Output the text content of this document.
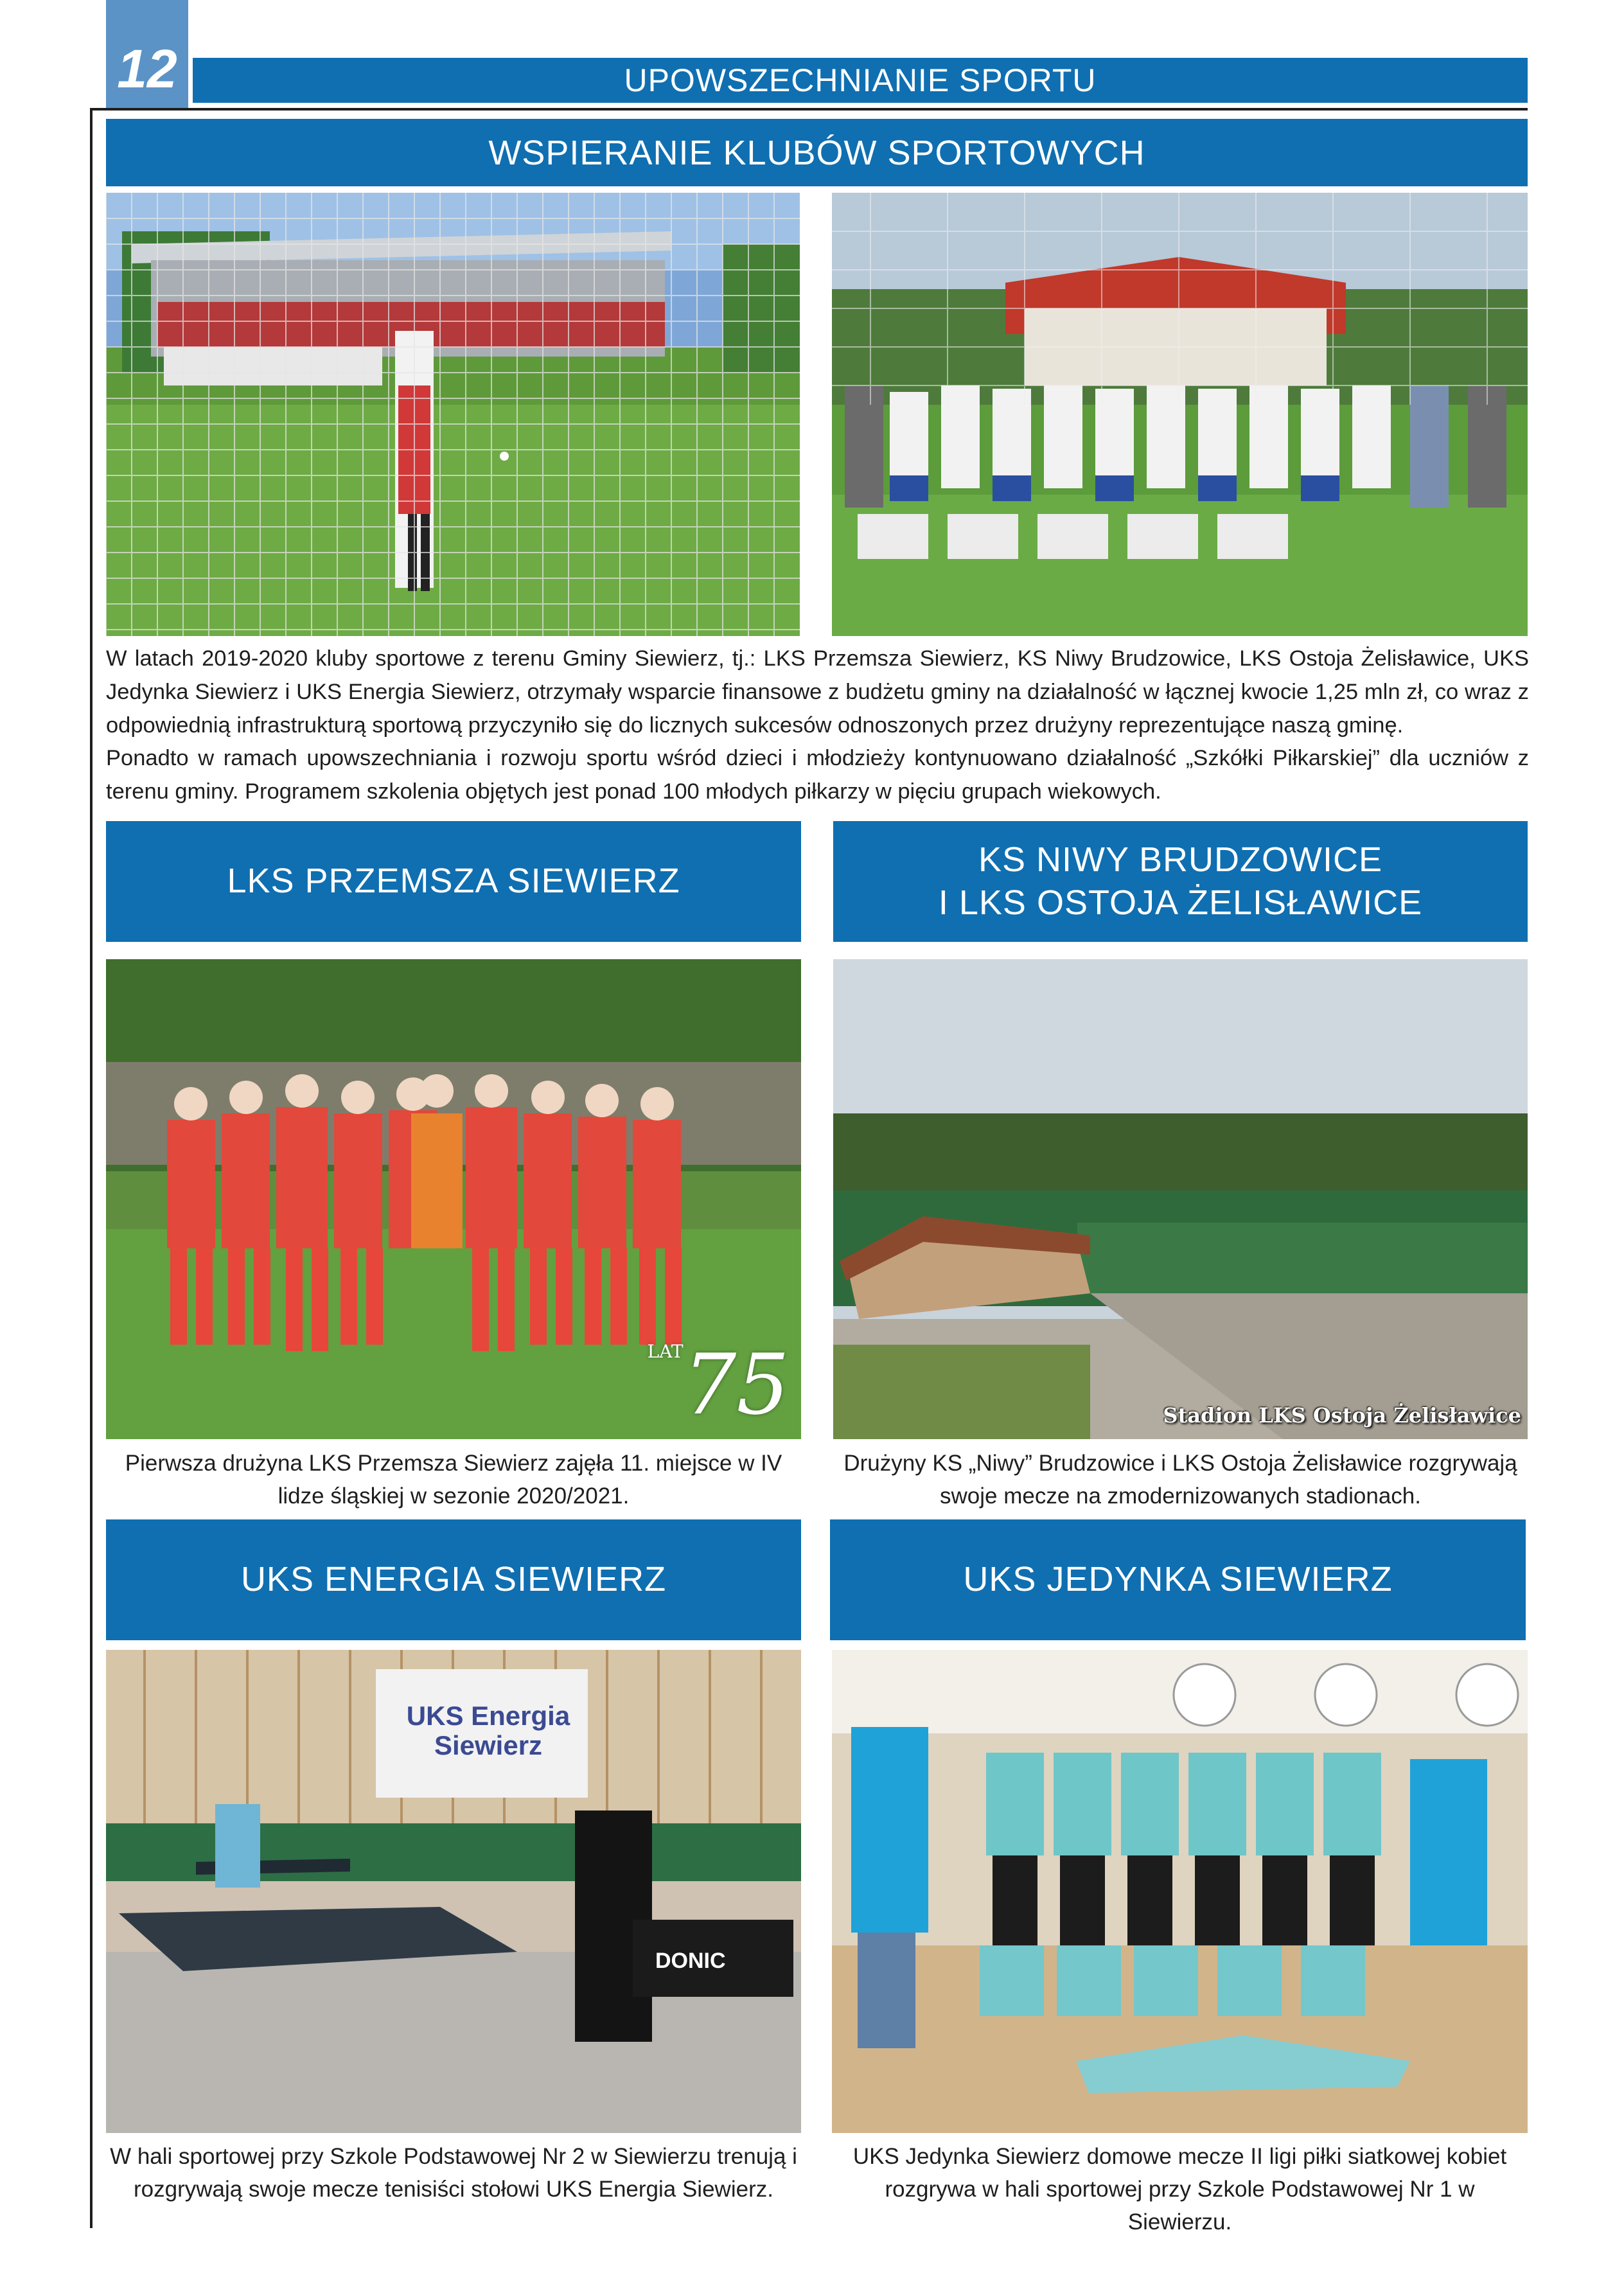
12	UPOWSZECHNIANIE SPORTU
WSPIERANIE KLUBÓW SPORTOWYCH
W latach 2019-2020 kluby sportowe z terenu Gminy Siewierz, tj.: LKS Przemsza Siewierz, KS Niwy Brudzowice, LKS Ostoja Żelisławice, UKS Jedynka Siewierz i UKS Energia Siewierz, otrzymały wsparcie finansowe z budżetu gminy na działalność w łącznej kwocie 1,25 mln zł, co wraz z odpowiednią infrastrukturą sportową przyczyniło się do licznych sukcesów odnoszonych przez drużyny reprezentujące naszą gminę.
Ponadto w ramach upowszechniania i rozwoju sportu wśród dzieci i młodzieży kontynuowano działalność „Szkółki Piłkarskiej” dla uczniów z terenu gminy. Programem szkolenia objętych jest ponad 100 młodych piłkarzy w pięciu grupach wiekowych.
LKS PRZEMSZA SIEWIERZ
KS NIWY BRUDZOWICE
I LKS OSTOJA ŻELISŁAWICE
$^{LAT}$75	Stadion LKS Ostoja Żelisławice
Pierwsza drużyna LKS Przemsza Siewierz zajęła 11. miejsce w IV lidze śląskiej w sezonie 2020/2021.
Drużyny KS „Niwy” Brudzowice i LKS Ostoja Żelisławice rozgrywają swoje mecze na zmodernizowanych stadionach.
UKS ENERGIA SIEWIERZ	UKS JEDYNKA SIEWIERZ
DONIC
UKS Energia Siewierz
W hali sportowej przy Szkole Podstawowej Nr 2 w Siewierzu trenują i rozgrywają swoje mecze tenisiści stołowi UKS Energia Siewierz.
UKS Jedynka Siewierz domowe mecze II ligi piłki siatkowej kobiet rozgrywa w hali sportowej przy Szkole Podstawowej Nr 1 w Siewierzu.
